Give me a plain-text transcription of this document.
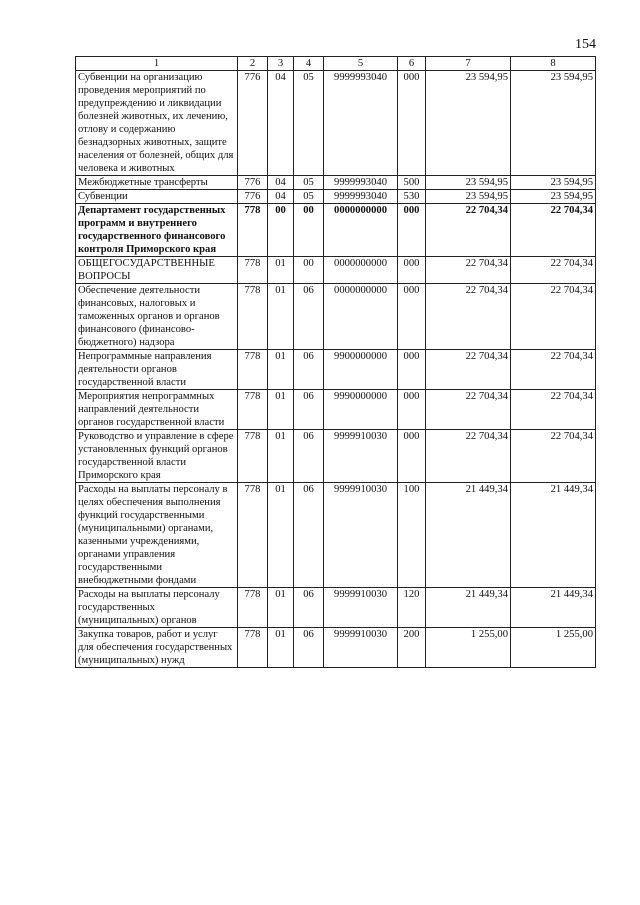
154
1	2	3	4	5	6	7	8
Субвенции на организацию проведения мероприятий по предупреждению и ликвидации болезней животных, их лечению, отлову и содержанию безнадзорных животных, защите населения от болезней, общих для человека и животных	776	04	05	9999993040	000	23 594,95	23 594,95
Межбюджетные трансферты	776	04	05	9999993040	500	23 594,95	23 594,95
Субвенции	776	04	05	9999993040	530	23 594,95	23 594,95
Департамент государственных программ и внутреннего государственного финансового контроля Приморского края	778	00	00	0000000000	000	22 704,34	22 704,34
ОБЩЕГОСУДАРСТВЕННЫЕ ВОПРОСЫ	778	01	00	0000000000	000	22 704,34	22 704,34
Обеспечение деятельности финансовых, налоговых и таможенных органов и органов финансового (финансово-бюджетного) надзора	778	01	06	0000000000	000	22 704,34	22 704,34
Непрограммные направления деятельности органов государственной власти	778	01	06	9900000000	000	22 704,34	22 704,34
Мероприятия непрограммных направлений деятельности органов государственной власти	778	01	06	9990000000	000	22 704,34	22 704,34
Руководство и управление в сфере установленных функций органов государственной власти Приморского края	778	01	06	9999910030	000	22 704,34	22 704,34
Расходы на выплаты персоналу в целях обеспечения выполнения функций государственными (муниципальными) органами, казенными учреждениями, органами управления государственными внебюджетными фондами	778	01	06	9999910030	100	21 449,34	21 449,34
Расходы на выплаты персоналу государственных (муниципальных) органов	778	01	06	9999910030	120	21 449,34	21 449,34
Закупка товаров, работ и услуг для обеспечения государственных (муниципальных) нужд	778	01	06	9999910030	200	1 255,00	1 255,00
